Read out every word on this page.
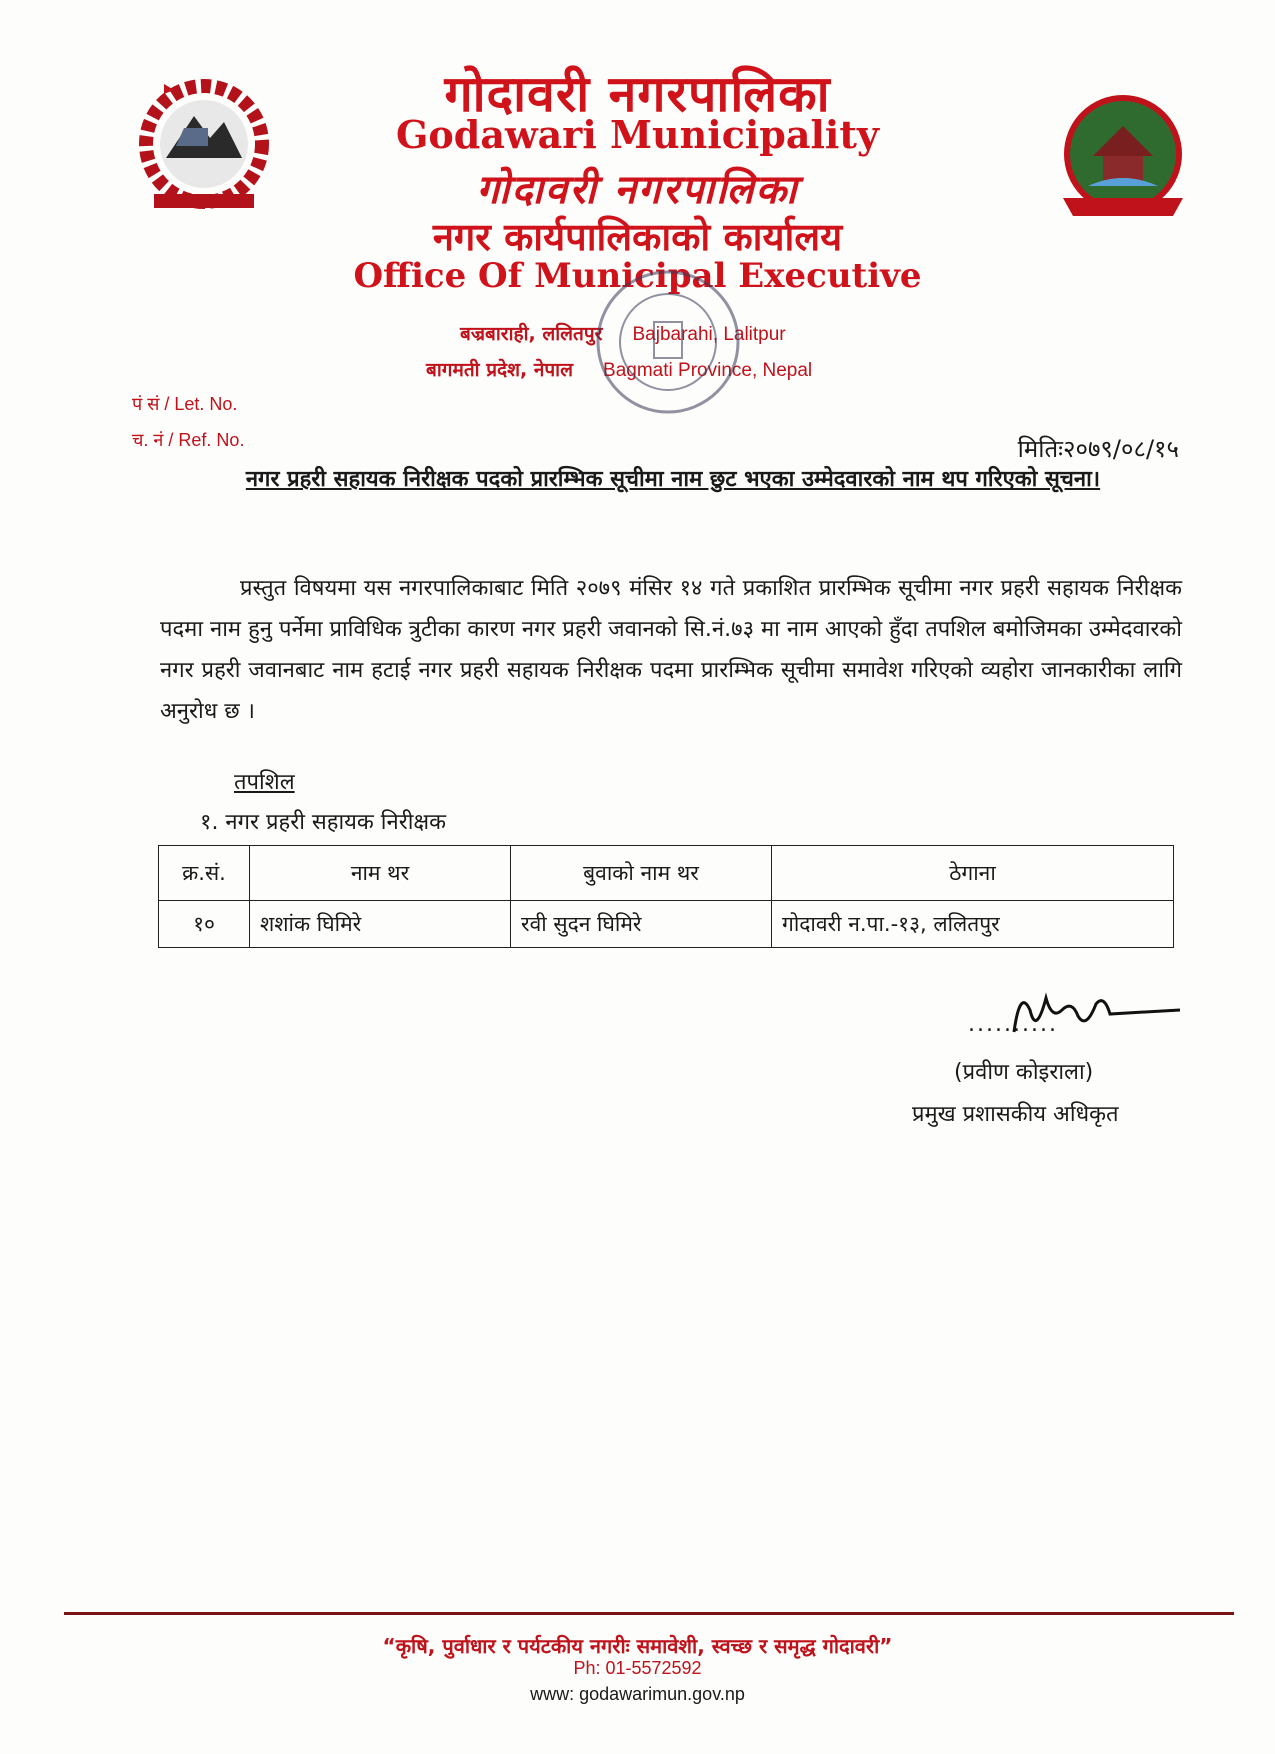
गोदावरी नगरपालिका
Godawari Municipality
गोदावरी नगरपालिका
नगर कार्यपालिकाको कार्यालय
Office Of Municipal Executive
बज्रबाराही, ललितपुर Bajbarahi, Lalitpur
बागमती प्रदेश, नेपाल Bagmati Province, Nepal
पं सं / Let. No.
च. नं / Ref. No.	मितिः२०७९/०८/१५
नगर प्रहरी सहायक निरीक्षक पदको प्रारम्भिक सूचीमा नाम छुट भएका उम्मेदवारको नाम थप गरिएको सूचना।
प्रस्तुत विषयमा यस नगरपालिकाबाट मिति २०७९ मंसिर १४ गते प्रकाशित प्रारम्भिक सूचीमा नगर प्रहरी सहायक निरीक्षक पदमा नाम हुनु पर्नेमा प्राविधिक त्रुटीका कारण नगर प्रहरी जवानको सि.नं.७३ मा नाम आएको हुँदा तपशिल बमोजिमका उम्मेदवारको नगर प्रहरी जवानबाट नाम हटाई नगर प्रहरी सहायक निरीक्षक पदमा प्रारम्भिक सूचीमा समावेश गरिएको व्यहोरा जानकारीका लागि अनुरोध छ ।
तपशिल
१. नगर प्रहरी सहायक निरीक्षक
क्र.सं.	नाम थर	बुवाको नाम थर	ठेगाना
१०	शशांक घिमिरे	रवी सुदन घिमिरे	गोदावरी न.पा.-१३, ललितपुर
..........
(प्रवीण कोइराला)
प्रमुख प्रशासकीय अधिकृत
“कृषि, पुर्वाधार र पर्यटकीय नगरीः समावेशी, स्वच्छ र समृद्ध गोदावरी”
Ph: 01-5572592
www: godawarimun.gov.np
